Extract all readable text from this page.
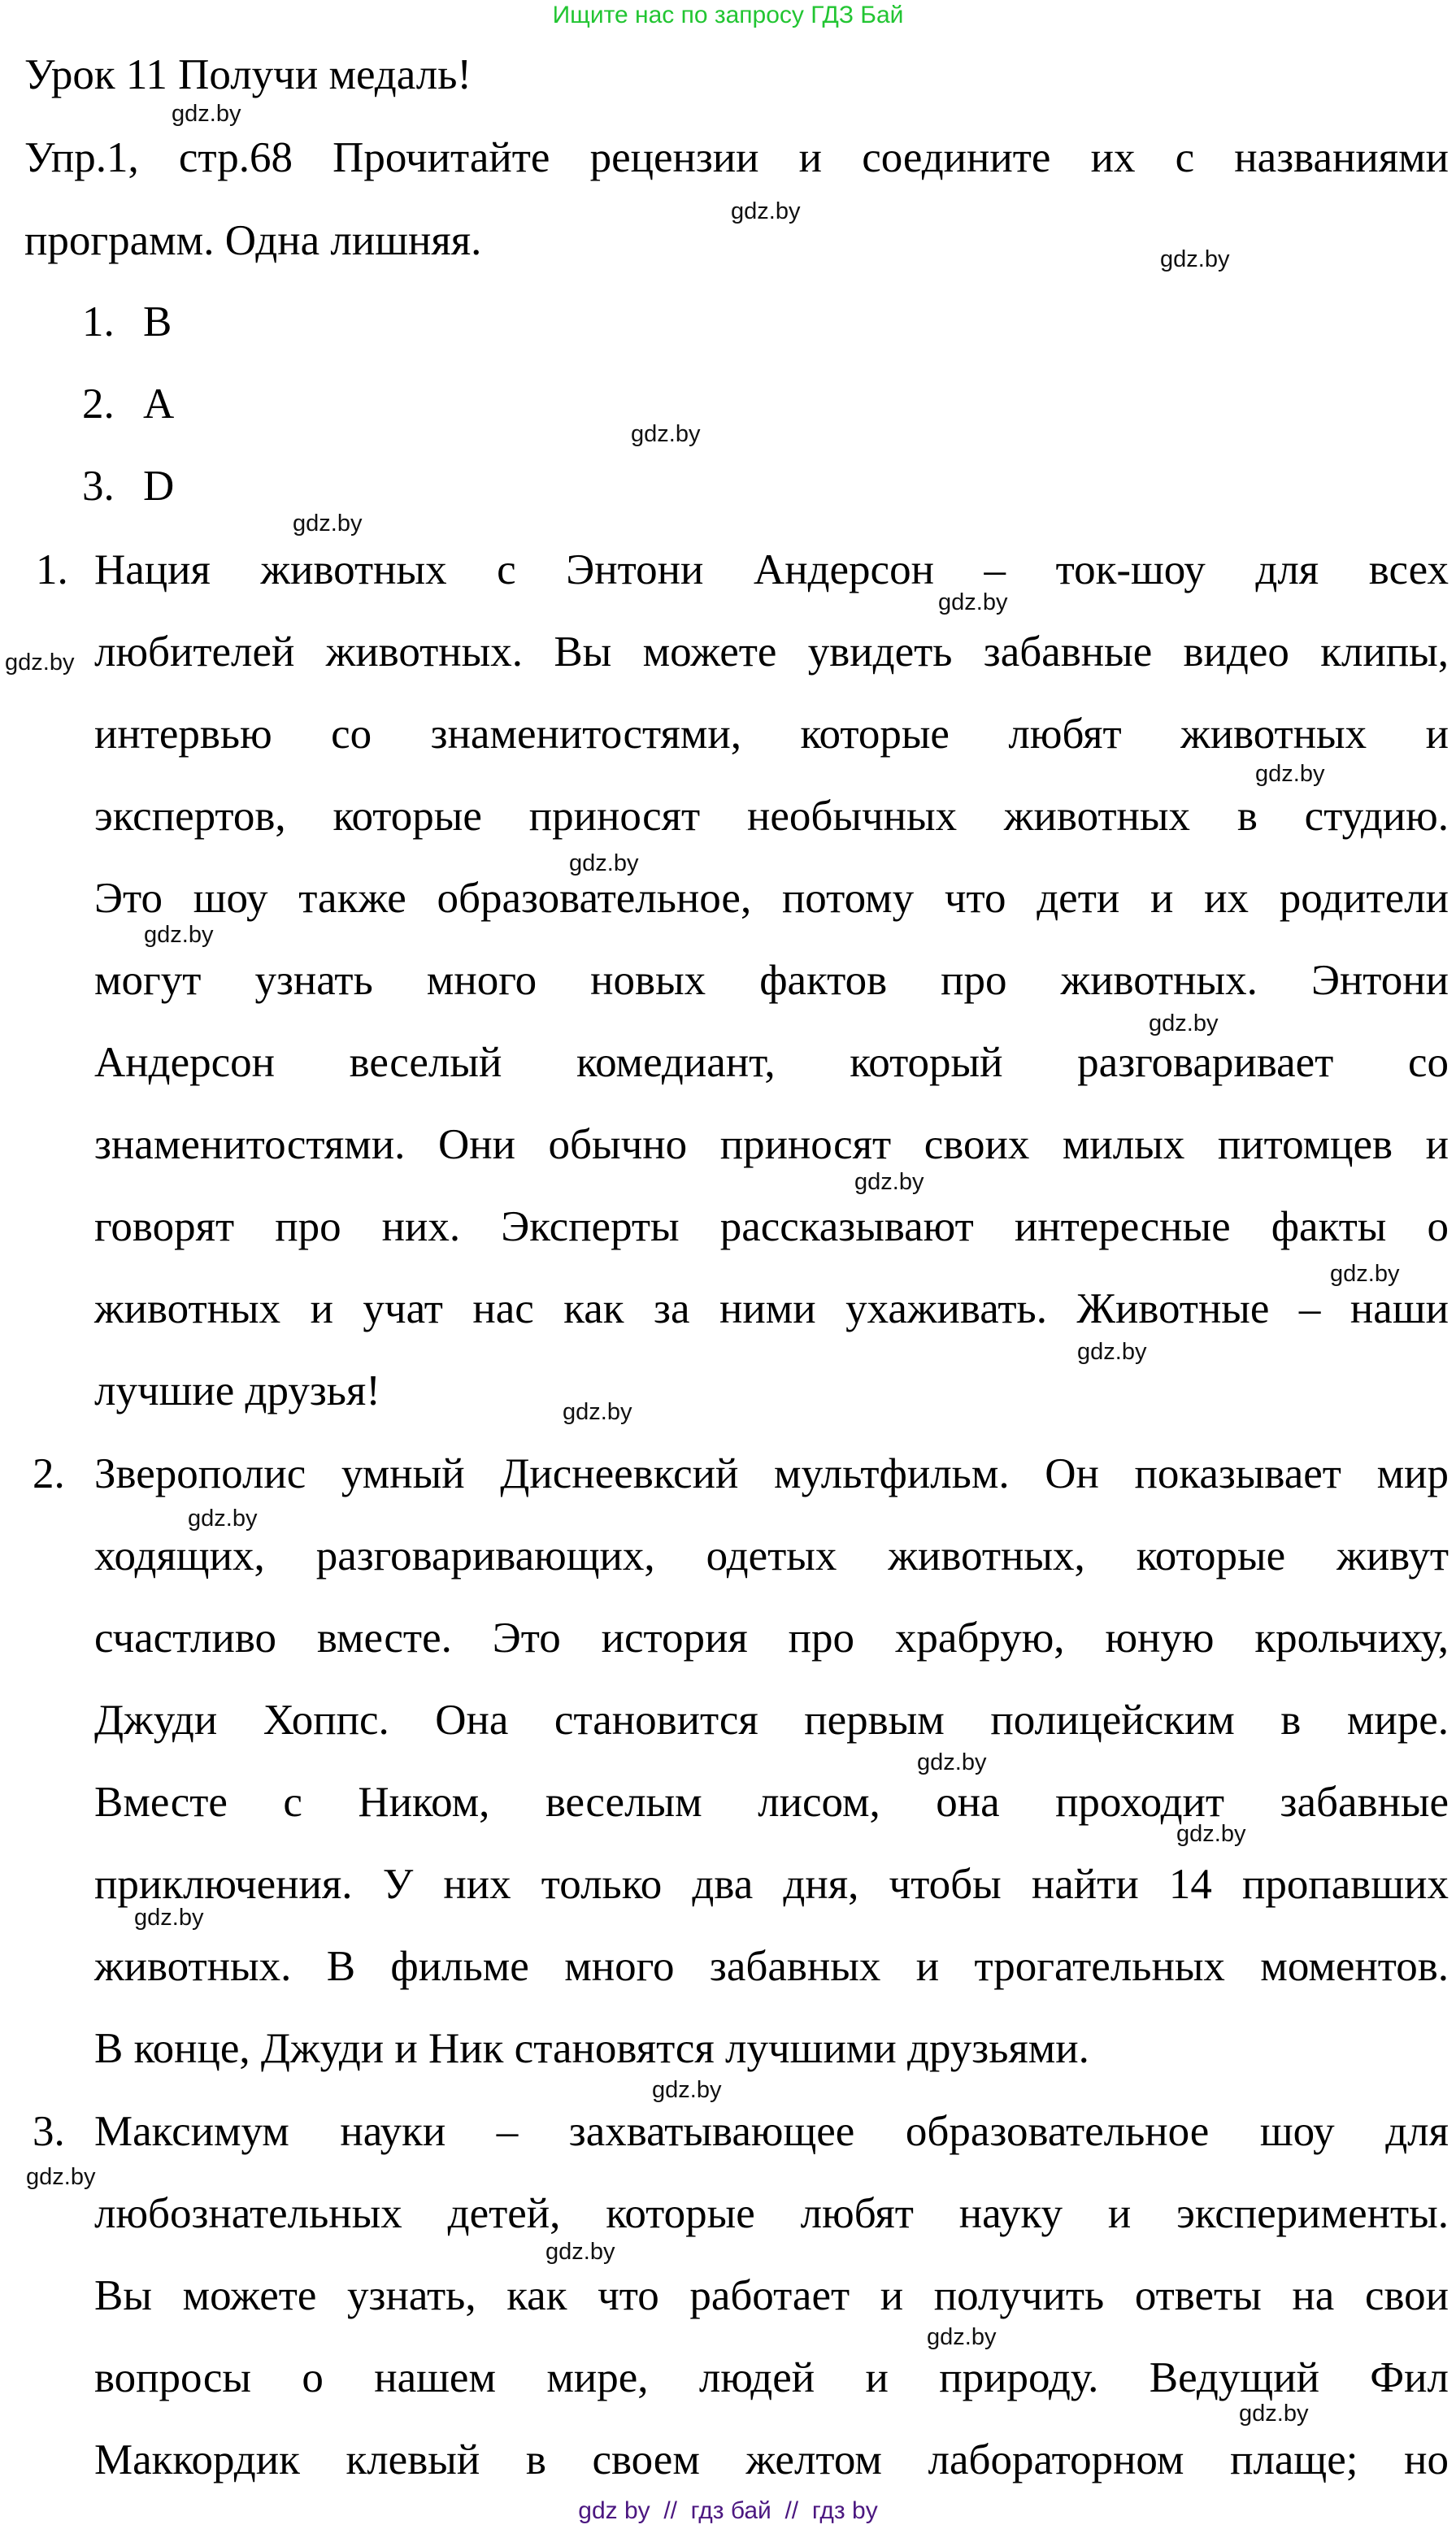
Ищите нас по запросу ГДЗ Бай
Урок 11 Получи медаль!
Упр.1, стр.68 Прочитайте рецензии и соедините их с названиями
программ. Одна лишняя.
1. B
2. A
3. D
1. Нация животных с Энтони Андерсон – ток-шоу для всех
любителей животных. Вы можете увидеть забавные видео клипы,
интервью со знаменитостями, которые любят животных и
экспертов, которые приносят необычных животных в студию.
Это шоу также образовательное, потому что дети и их родители
могут узнать много новых фактов про животных. Энтони
Андерсон веселый комедиант, который разговаривает со
знаменитостями. Они обычно приносят своих милых питомцев и
говорят про них. Эксперты рассказывают интересные факты о
животных и учат нас как за ними ухаживать. Животные – наши
лучшие друзья!
2. Зверополис умный Диснеевксий мультфильм. Он показывает мир
ходящих, разговаривающих, одетых животных, которые живут
счастливо вместе. Это история про храбрую, юную крольчиху,
Джуди Хоппс. Она становится первым полицейским в мире.
Вместе с Ником, веселым лисом, она проходит забавные
приключения. У них только два дня, чтобы найти 14 пропавших
животных. В фильме много забавных и трогательных моментов.
В конце, Джуди и Ник становятся лучшими друзьями.
3. Максимум науки – захватывающее образовательное шоу для
любознательных детей, которые любят науку и эксперименты.
Вы можете узнать, как что работает и получить ответы на свои
вопросы о нашем мире, людей и природу. Ведущий Фил
Маккордик клевый в своем желтом лабораторном плаще; но
gdz.by
gdz.by
gdz.by
gdz.by
gdz.by
gdz.by
gdz.by
gdz.by
gdz.by
gdz.by
gdz.by
gdz.by
gdz.by
gdz.by
gdz.by
gdz.by
gdz.by
gdz.by
gdz.by
gdz.by
gdz.by
gdz.by
gdz.by
gdz.by
gdz by  //  гдз бай  //  гдз by
